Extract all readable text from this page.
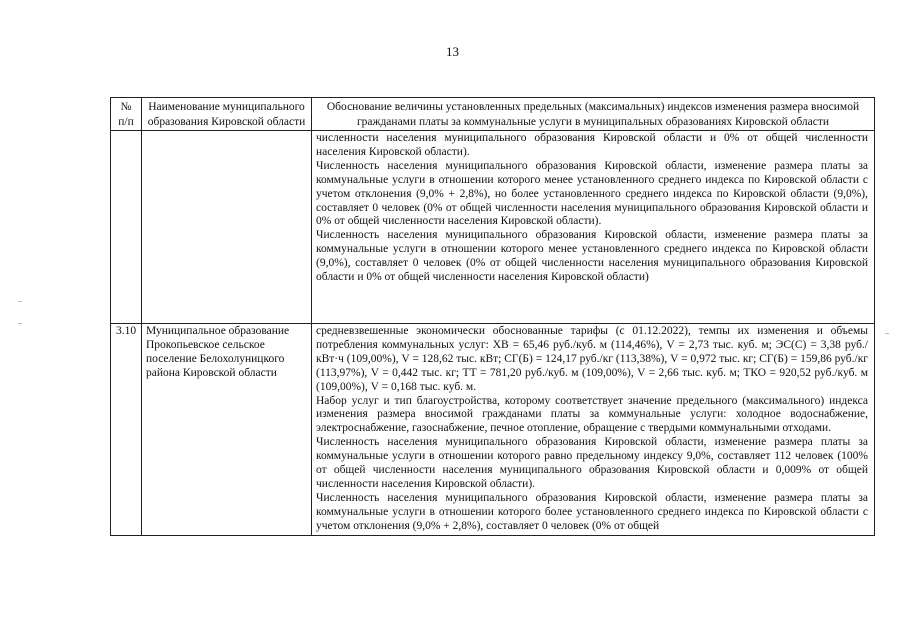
13
№ п/п	Наименование муниципального образования Кировской области	Обоснование величины установленных предельных (максимальных) индексов изменения размера вносимой гражданами платы за коммунальные услуги в муниципальных образованиях Кировской области

		численности населения муниципального образования Кировской области и 0% от общей численности населения Кировской области).

Численность населения муниципального образования Кировской области, изменение размера платы за коммунальные услуги в отношении которого менее установленного среднего индекса по Кировской области с учетом отклонения (9,0% + 2,8%), но более установленного среднего индекса по Кировской области (9,0%), составляет 0 человек (0% от общей численности населения муниципального образования Кировской области и 0% от общей численности населения Кировской области).

Численность населения муниципального образования Кировской области, изменение размера платы за коммунальные услуги в отношении которого менее установленного среднего индекса по Кировской области (9,0%), составляет 0 человек (0% от общей численности населения муниципального образования Кировской области и 0% от общей численности населения Кировской области)

3.10	Муниципальное образование Прокопьевское сельское поселение Белохолуницкого района Кировской области	средневзвешенные экономически обоснованные тарифы (с 01.12.2022), темпы их изменения и объемы потребления коммунальных услуг: ХВ = 65,46 руб./куб. м (114,46%), V = 2,73 тыс. куб. м; ЭС(С) = 3,38 руб./кВт·ч (109,00%), V = 128,62 тыс. кВт; СГ(Б) = 124,17 руб./кг (113,38%), V = 0,972 тыс. кг; СГ(Б) = 159,86 руб./кг (113,97%), V = 0,442 тыс. кг; ТТ = 781,20 руб./куб. м (109,00%), V = 2,66 тыс. куб. м; ТКО = 920,52 руб./куб. м (109,00%), V = 0,168 тыс. куб. м.

Набор услуг и тип благоустройства, которому соответствует значение предельного (максимального) индекса изменения размера вносимой гражданами платы за коммунальные услуги: холодное водоснабжение, электроснабжение, газоснабжение, печное отопление, обращение с твердыми коммунальными отходами.

Численность населения муниципального образования Кировской области, изменение размера платы за коммунальные услуги в отношении которого равно предельному индексу 9,0%, составляет 112 человек (100% от общей численности населения муниципального образования Кировской области и 0,009% от общей численности населения Кировской области).

Численность населения муниципального образования Кировской области, изменение размера платы за коммунальные услуги в отношении которого более установленного среднего индекса по Кировской области с учетом отклонения (9,0% + 2,8%), составляет 0 человек (0% от общей
